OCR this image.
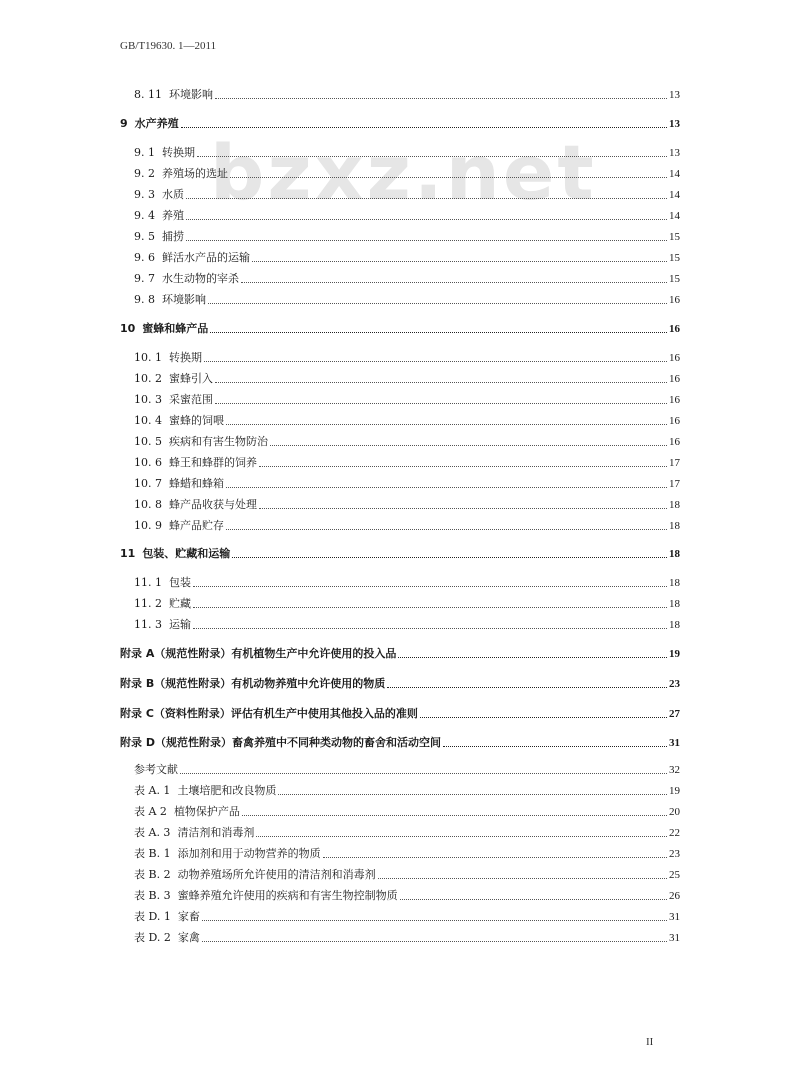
GB/T19630. 1—2011
bzxz.net
8. 11 环境影响	13
9 水产养殖	13
9. 1 转换期	13
9. 2 养殖场的选址	14
9. 3 水质	14
9. 4 养殖	14
9. 5 捕捞	15
9. 6 鲜活水产品的运输	15
9. 7 水生动物的宰杀	15
9. 8 环境影响	16
10 蜜蜂和蜂产品	16
10. 1 转换期	16
10. 2 蜜蜂引入	16
10. 3 采蜜范围	16
10. 4 蜜蜂的饲喂	16
10. 5 疾病和有害生物防治	16
10. 6 蜂王和蜂群的饲养	17
10. 7 蜂蜡和蜂箱	17
10. 8 蜂产品收获与处理	18
10. 9 蜂产品贮存	18
11 包装、贮藏和运输	18
11. 1 包装	18
11. 2 贮藏	18
11. 3 运输	18
附录 A（规范性附录）有机植物生产中允许使用的投入品	19
附录 B（规范性附录）有机动物养殖中允许使用的物质	23
附录 C（资料性附录）评估有机生产中使用其他投入品的准则	27
附录 D（规范性附录）畜禽养殖中不同种类动物的畜舍和活动空间	31
参考文献	32
表 A. 1 土壤培肥和改良物质	19
表 A 2 植物保护产品	20
表 A. 3 清洁剂和消毒剂	22
表 B. 1 添加剂和用于动物营养的物质	23
表 B. 2 动物养殖场所允许使用的清洁剂和消毒剂	25
表 B. 3 蜜蜂养殖允许使用的疾病和有害生物控制物质	26
表 D. 1 家畜	31
表 D. 2 家禽	31
II
